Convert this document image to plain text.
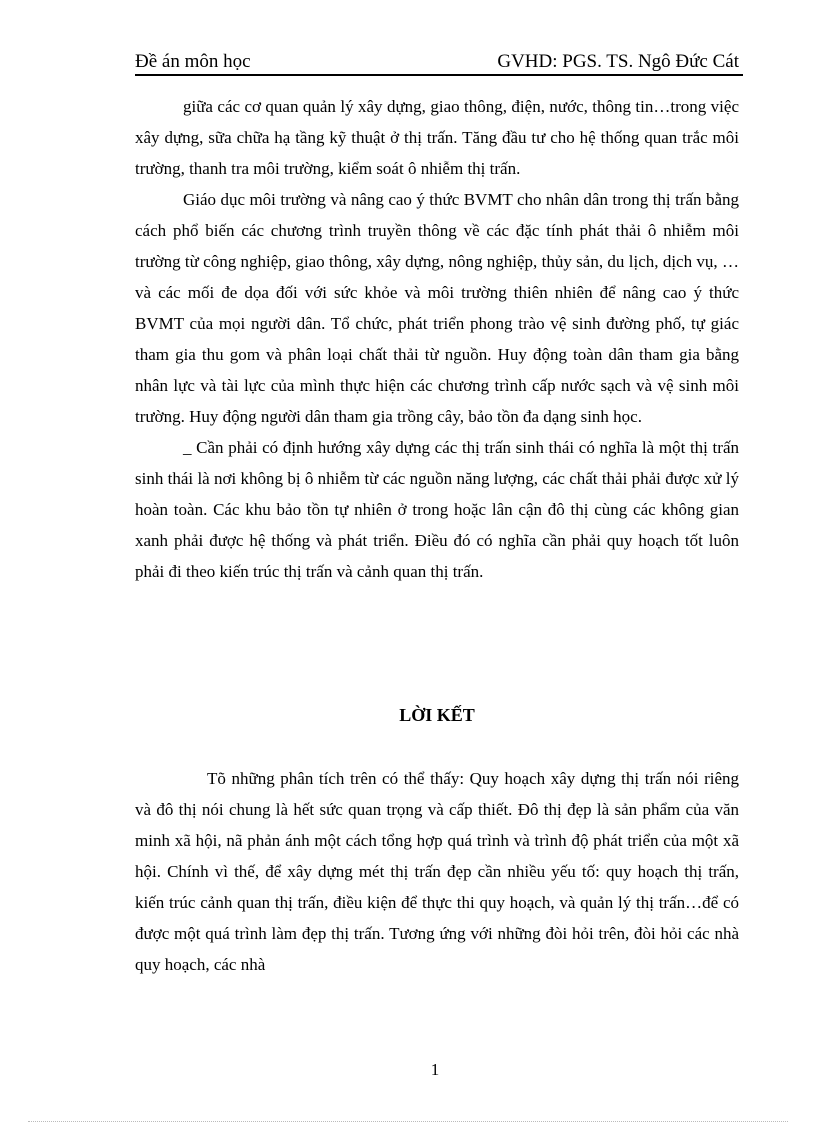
Đề án môn học	GVHD: PGS. TS. Ngô Đức Cát

giữa các cơ quan quản lý xây dựng, giao thông, điện, nước, thông tin…trong việc xây dựng, sữa chữa hạ tầng kỹ thuật ở thị trấn. Tăng đầu tư cho hệ thống quan trắc môi trường, thanh tra môi trường, kiểm soát ô nhiễm thị trấn.

Giáo dục môi trường và nâng cao ý thức BVMT cho nhân dân trong thị trấn bằng cách phổ biến các chương trình truyền thông về các đặc tính phát thải ô nhiễm môi trường từ công nghiệp, giao thông, xây dựng, nông nghiệp, thủy sản, du lịch, dịch vụ, …và các mối đe dọa đối với sức khỏe và môi trường thiên nhiên để nâng cao ý thức BVMT của mọi người dân. Tổ chức, phát triển phong trào vệ sinh đường phố, tự giác tham gia thu gom và phân loại chất thải từ nguồn. Huy động toàn dân tham gia bằng nhân lực và tài lực của mình thực hiện các chương trình cấp nước sạch và vệ sinh môi trường. Huy động người dân tham gia trồng cây, bảo tồn đa dạng sinh học.

_ Cần phải có định hướng xây dựng các thị trấn sinh thái có nghĩa là một thị trấn sinh thái là nơi không bị ô nhiễm từ các nguồn năng lượng, các chất thải phải được xử lý hoàn toàn. Các khu bảo tồn tự nhiên ở trong hoặc lân cận đô thị cùng các không gian xanh phải được hệ thống và phát triển. Điều đó có nghĩa cần phải quy hoạch tốt luôn phải đi theo kiến trúc thị trấn và cảnh quan thị trấn.

LỜI KẾT

Tõ những phân tích trên có thể thấy: Quy hoạch xây dựng thị trấn nói riêng và đô thị nói chung là hết sức quan trọng và cấp thiết. Đô thị đẹp là sản phẩm của văn minh xã hội, nã phản ánh một cách tổng hợp quá trình và trình độ phát triển của một xã hội. Chính vì thế, để xây dựng mét thị trấn đẹp cần nhiều yếu tố: quy hoạch thị trấn, kiến trúc cảnh quan thị trấn, điều kiện để thực thi quy hoạch, và quản lý thị trấn…để có được một quá trình làm đẹp thị trấn. Tương ứng với những đòi hỏi trên, đòi hỏi các nhà quy hoạch, các nhà

1
